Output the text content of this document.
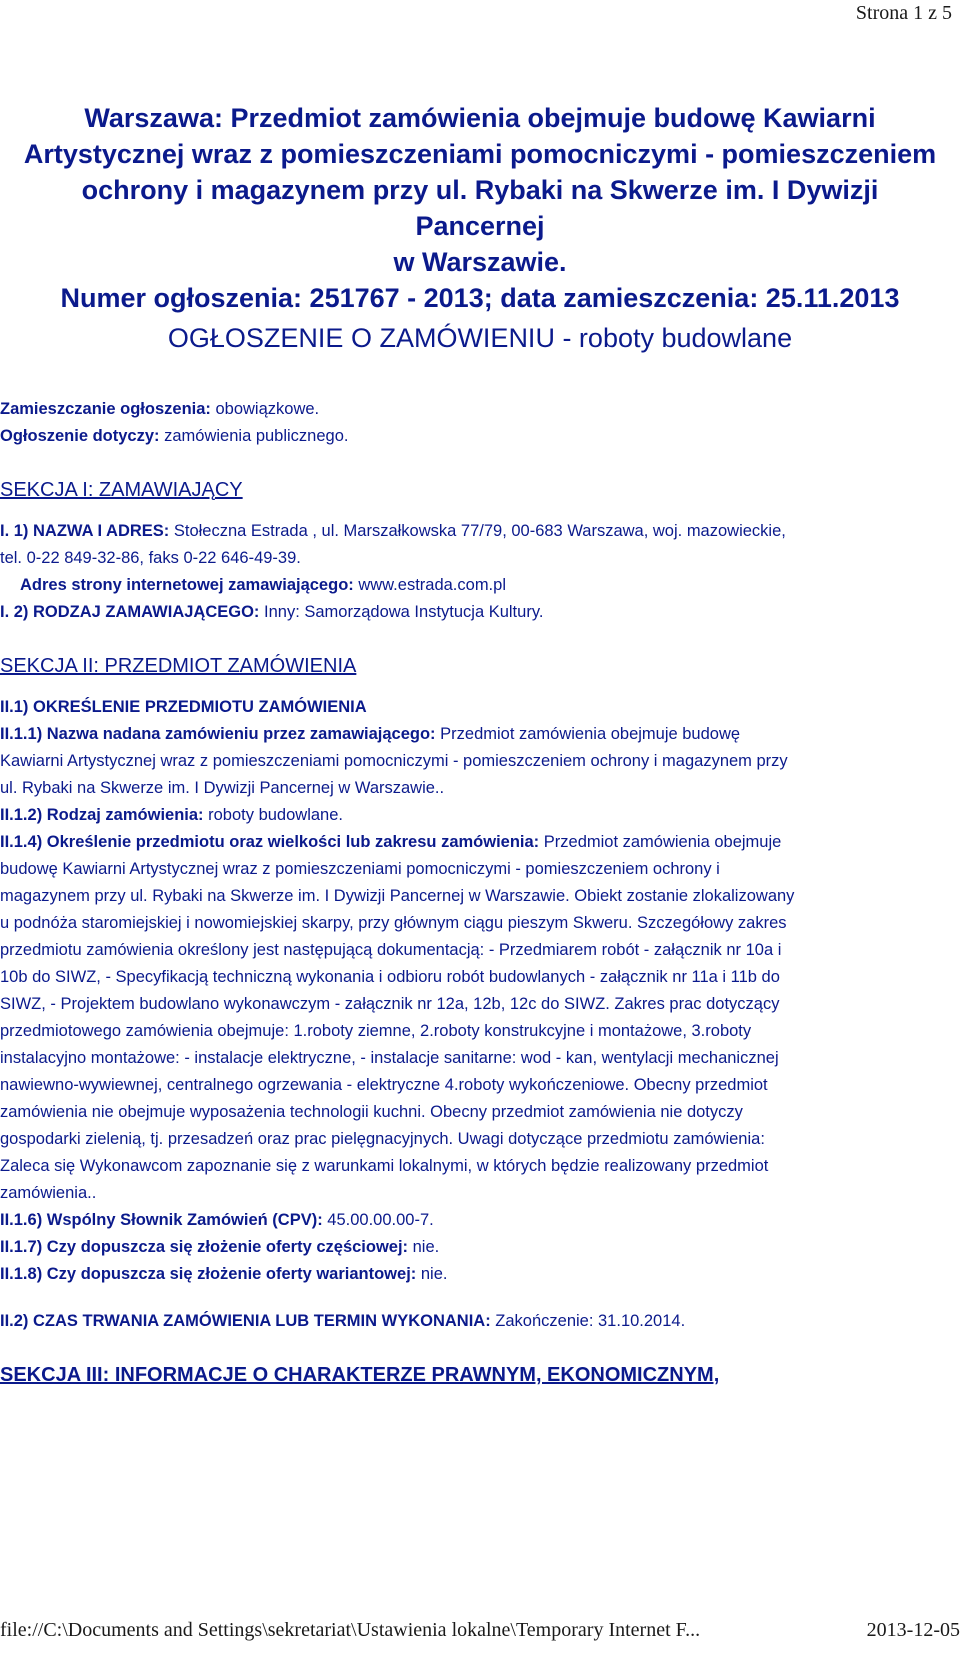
Strona 1 z 5
Warszawa: Przedmiot zamówienia obejmuje budowę Kawiarni
Artystycznej wraz z pomieszczeniami pomocniczymi - pomieszczeniem
ochrony i magazynem przy ul. Rybaki na Skwerze im. I Dywizji Pancernej
w Warszawie.
Numer ogłoszenia: 251767 - 2013; data zamieszczenia: 25.11.2013
OGŁOSZENIE O ZAMÓWIENIU - roboty budowlane
Zamieszczanie ogłoszenia: obowiązkowe.
Ogłoszenie dotyczy: zamówienia publicznego.
SEKCJA I: ZAMAWIAJĄCY
I. 1) NAZWA I ADRES: Stołeczna Estrada , ul. Marszałkowska 77/79, 00-683 Warszawa, woj. mazowieckie,
tel. 0-22 849-32-86, faks 0-22 646-49-39.
Adres strony internetowej zamawiającego: www.estrada.com.pl
I. 2) RODZAJ ZAMAWIAJĄCEGO: Inny: Samorządowa Instytucja Kultury.
SEKCJA II: PRZEDMIOT ZAMÓWIENIA
II.1) OKREŚLENIE PRZEDMIOTU ZAMÓWIENIA
II.1.1) Nazwa nadana zamówieniu przez zamawiającego: Przedmiot zamówienia obejmuje budowę
Kawiarni Artystycznej wraz z pomieszczeniami pomocniczymi - pomieszczeniem ochrony i magazynem przy
ul. Rybaki na Skwerze im. I Dywizji Pancernej w Warszawie..
II.1.2) Rodzaj zamówienia: roboty budowlane.
II.1.4) Określenie przedmiotu oraz wielkości lub zakresu zamówienia: Przedmiot zamówienia obejmuje
budowę Kawiarni Artystycznej wraz z pomieszczeniami pomocniczymi - pomieszczeniem ochrony i
magazynem przy ul. Rybaki na Skwerze im. I Dywizji Pancernej w Warszawie. Obiekt zostanie zlokalizowany
u podnóża staromiejskiej i nowomiejskiej skarpy, przy głównym ciągu pieszym Skweru. Szczegółowy zakres
przedmiotu zamówienia określony jest następującą dokumentacją: - Przedmiarem robót - załącznik nr 10a i
10b do SIWZ, - Specyfikacją techniczną wykonania i odbioru robót budowlanych - załącznik nr 11a i 11b do
SIWZ, - Projektem budowlano wykonawczym - załącznik nr 12a, 12b, 12c do SIWZ. Zakres prac dotyczący
przedmiotowego zamówienia obejmuje: 1.roboty ziemne, 2.roboty konstrukcyjne i montażowe, 3.roboty
instalacyjno montażowe: - instalacje elektryczne, - instalacje sanitarne: wod - kan, wentylacji mechanicznej
nawiewno-wywiewnej, centralnego ogrzewania - elektryczne 4.roboty wykończeniowe. Obecny przedmiot
zamówienia nie obejmuje wyposażenia technologii kuchni. Obecny przedmiot zamówienia nie dotyczy
gospodarki zielenią, tj. przesadzeń oraz prac pielęgnacyjnych. Uwagi dotyczące przedmiotu zamówienia:
Zaleca się Wykonawcom zapoznanie się z warunkami lokalnymi, w których będzie realizowany przedmiot
zamówienia..
II.1.6) Wspólny Słownik Zamówień (CPV): 45.00.00.00-7.
II.1.7) Czy dopuszcza się złożenie oferty częściowej: nie.
II.1.8) Czy dopuszcza się złożenie oferty wariantowej: nie.
II.2) CZAS TRWANIA ZAMÓWIENIA LUB TERMIN WYKONANIA: Zakończenie: 31.10.2014.
SEKCJA III: INFORMACJE O CHARAKTERZE PRAWNYM, EKONOMICZNYM,
file://C:\Documents and Settings\sekretariat\Ustawienia lokalne\Temporary Internet F...	2013-12-05
